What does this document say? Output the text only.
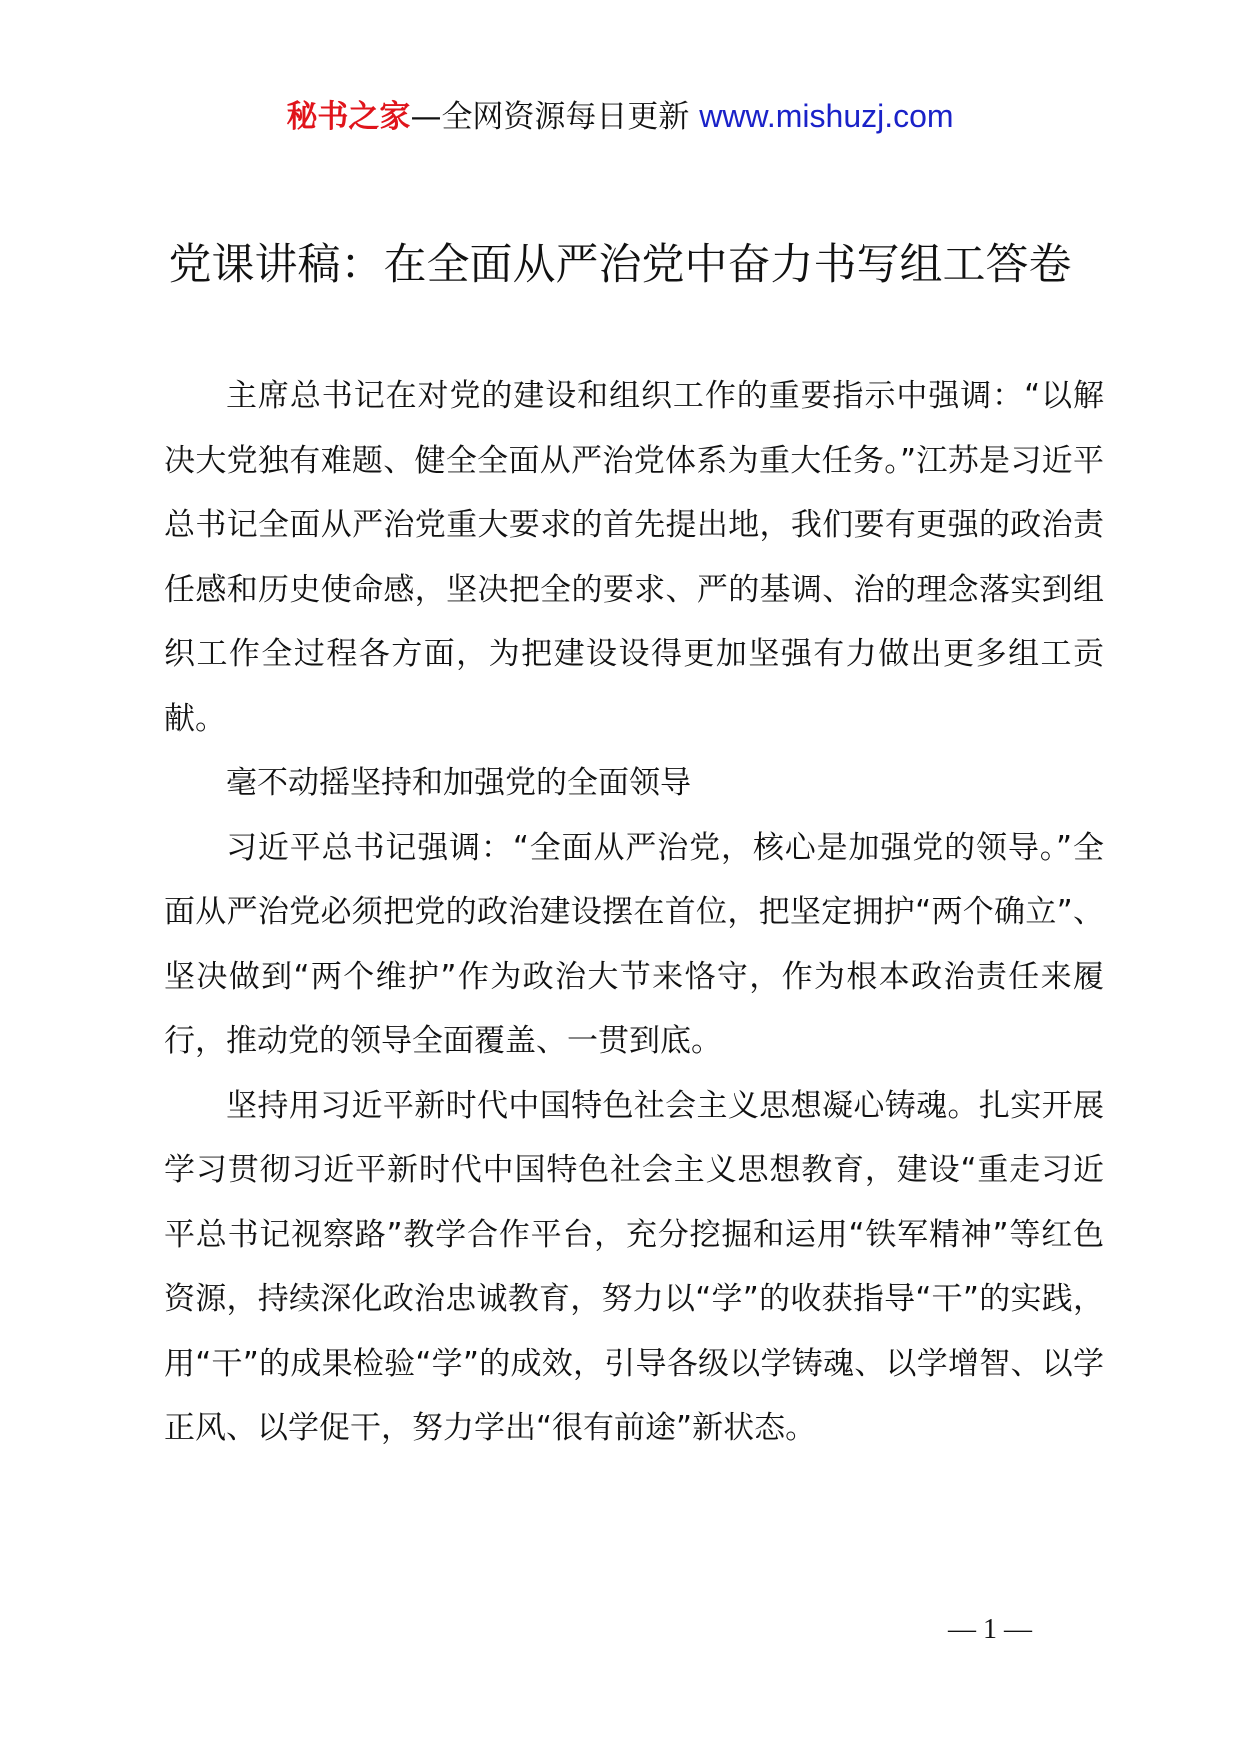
秘书之家—全网资源每日更新 www.mishuzj.com
党课讲稿：在全面从严治党中奋力书写组工答卷

主席总书记在对党的建设和组织工作的重要指示中强调：“以解决大党独有难题、健全全面从严治党体系为重大任务。”江苏是习近平总书记全面从严治党重大要求的首先提出地，我们要有更强的政治责任感和历史使命感，坚决把全的要求、严的基调、治的理念落实到组织工作全过程各方面，为把建设设得更加坚强有力做出更多组工贡献。

毫不动摇坚持和加强党的全面领导

习近平总书记强调：“全面从严治党，核心是加强党的领导。”全面从严治党必须把党的政治建设摆在首位，把坚定拥护“两个确立”、坚决做到“两个维护”作为政治大节来恪守，作为根本政治责任来履行，推动党的领导全面覆盖、一贯到底。

坚持用习近平新时代中国特色社会主义思想凝心铸魂。扎实开展学习贯彻习近平新时代中国特色社会主义思想教育，建设“重走习近平总书记视察路”教学合作平台，充分挖掘和运用“铁军精神”等红色资源，持续深化政治忠诚教育，努力以“学”的收获指导“干”的实践，用“干”的成果检验“学”的成效，引导各级以学铸魂、以学增智、以学正风、以学促干，努力学出“很有前途”新状态。

— 1 —
